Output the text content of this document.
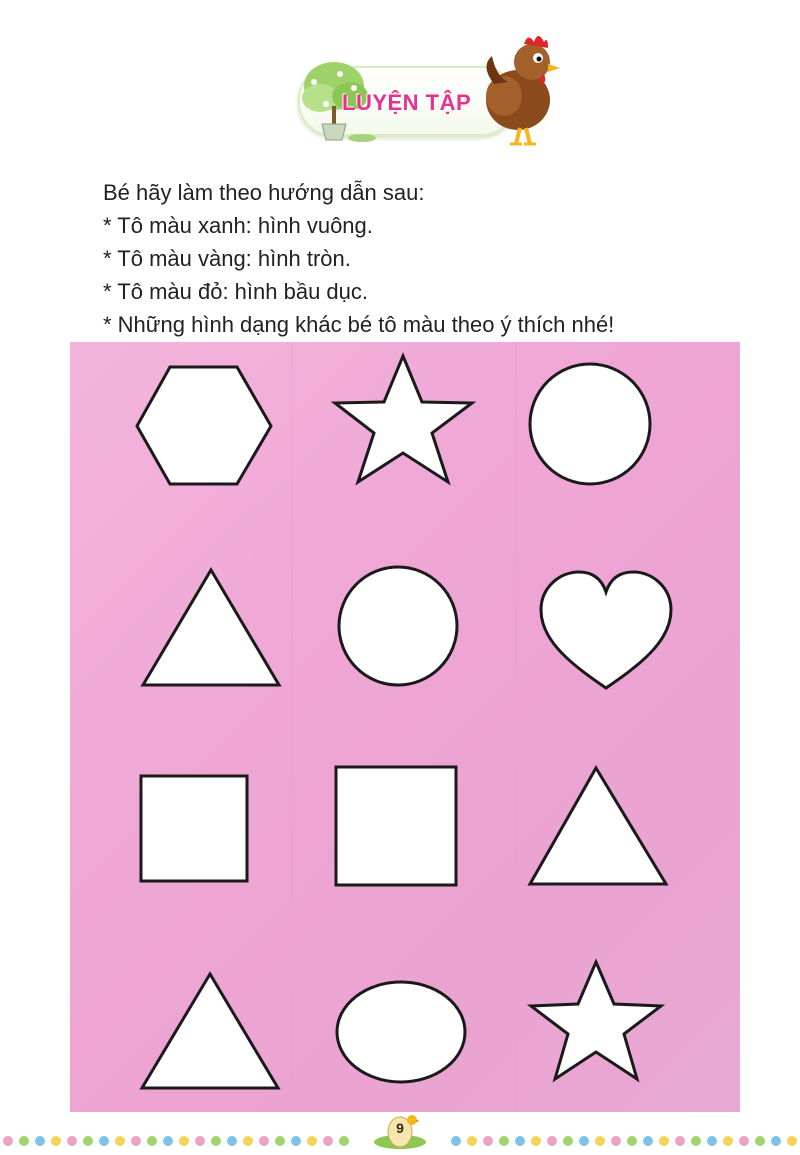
LUYỆN TẬP
Bé hãy làm theo hướng dẫn sau:
* Tô màu xanh: hình vuông.
* Tô màu vàng: hình tròn.
* Tô màu đỏ: hình bầu dục.
* Những hình dạng khác bé tô màu theo ý thích nhé!
9
